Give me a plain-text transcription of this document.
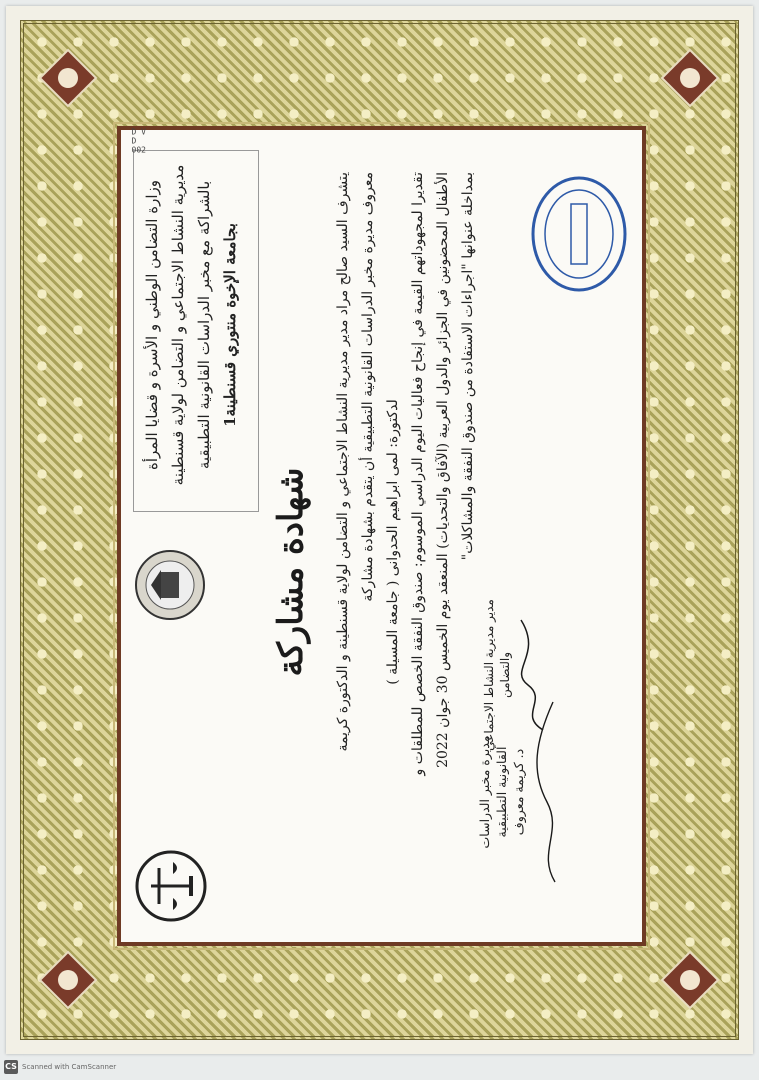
وزارة التضامن الوطني و الأسرة و قضايا المرأة مديرية النشاط الاجتماعي و التضامن لولاية قسنطينة بالشراكة مع مخبر الدراسات القانونية التطبيقية بجامعة الإخوة منتوري قسنطينة1
شهادة مشاركة يتشرف السيد صالح مراد مدير مديرية النشاط الاجتماعي و التضامن لولاية قسنطينة و الدكتورة كريمة معروف مديرة مخبر الدراسات القانونية التطبيقية أن يتقدم بشهادة مشاركة لدكتورة: لمى ابراهيم الحدوانی ( جامعة المسيلة ) تقديرا لمجهوداتهم القيمة في إنجاح فعاليات اليوم الدراسي الموسوم: صندوق النفقة الخصص للمطلقات و الأطفال المحضونين في الجزائر والدول العربية (الآفاق والتحديات) المنعقد يوم الخميس 30 جوان 2022 بمداخلة عنوانها "اجراءات الاستفادة من صندوق النفقة والمشاكلات"

مدير مديرية النشاط الاجتماعي والتضامن
مديرة مخبر الدراسات القانونية التطبيقية د. كريمة معروف
D V D 002
CS Scanned with CamScanner
